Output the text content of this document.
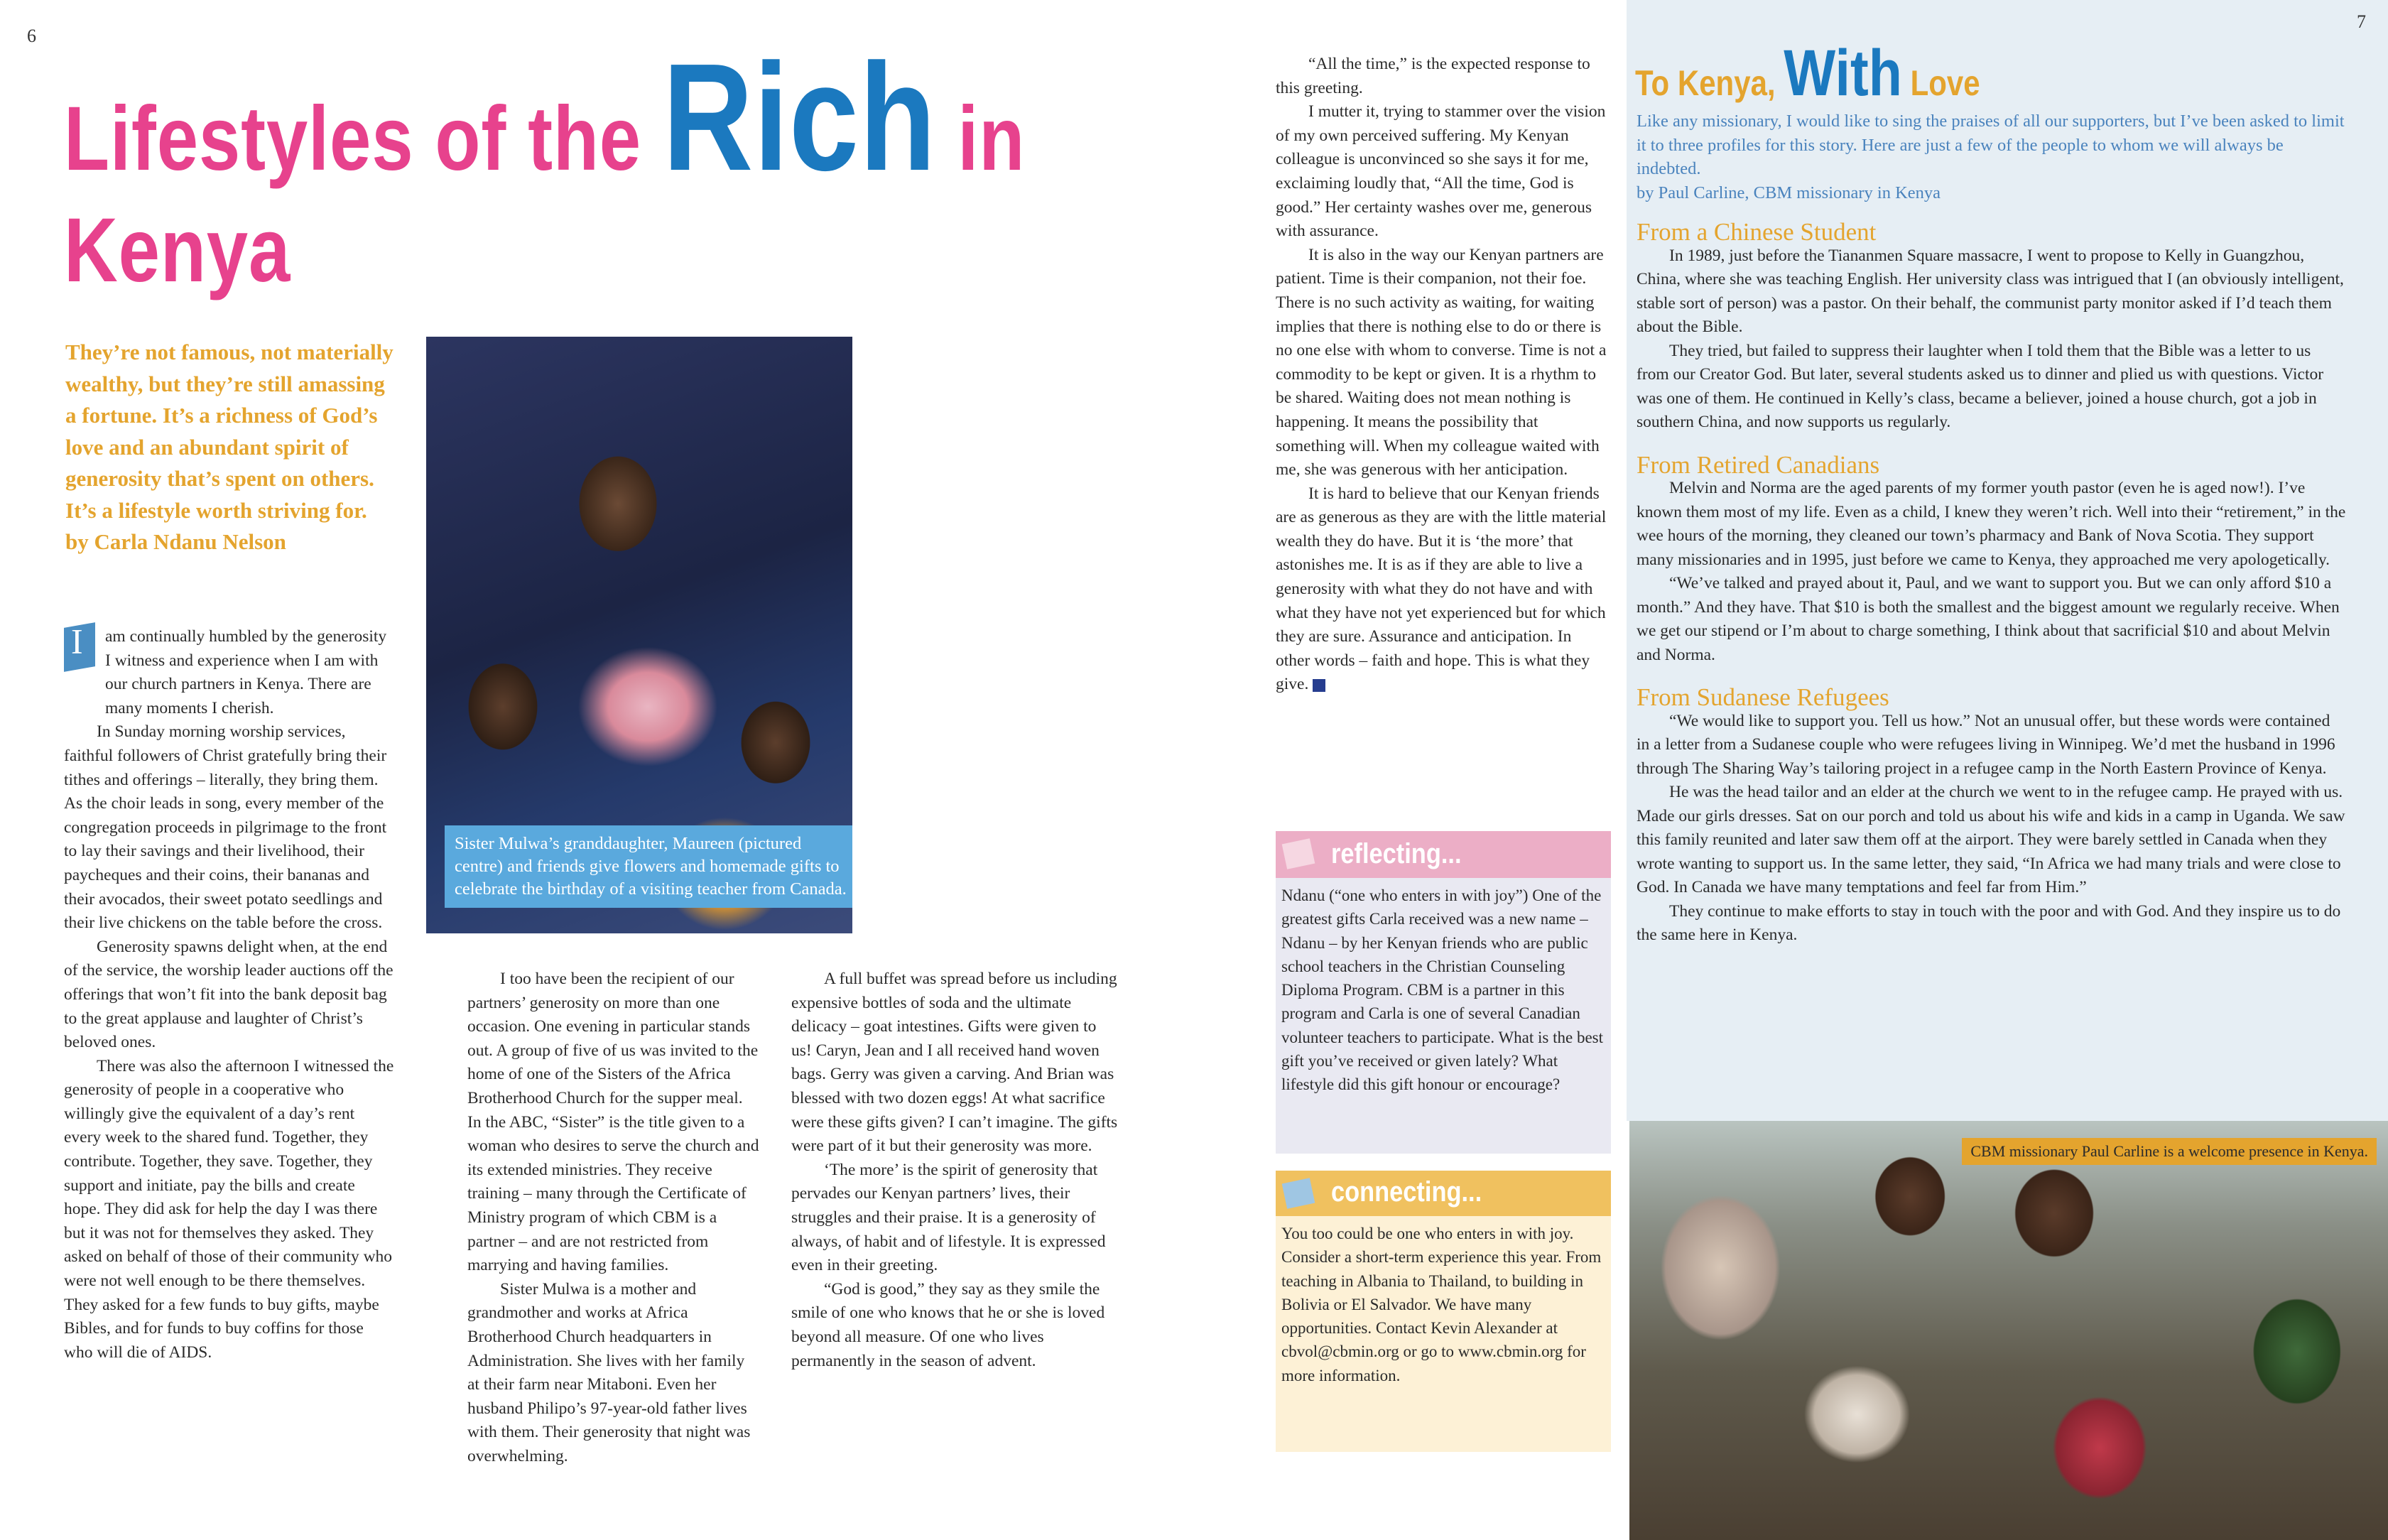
6
Lifestyles of the Rich in
Kenya
They’re not famous, not materially wealthy, but they’re still amassing a fortune. It’s a richness of God’s love and an abundant spirit of generosity that’s spent on others. It’s a lifestyle worth striving for.
by Carla Ndanu Nelson
Sister Mulwa’s granddaughter, Maureen (pictured centre) and friends give flowers and homemade gifts to celebrate the birthday of a visiting teacher from Canada.
I	am continually humbled by the generosity I witness and experience when I am with our church partners in Kenya. There are many moments I cherish.

In Sunday morning worship services, faithful followers of Christ gratefully bring their tithes and offerings – literally, they bring them. As the choir leads in song, every member of the congregation proceeds in pilgrimage to the front to lay their savings and their livelihood, their paycheques and their coins, their bananas and their avocados, their sweet potato seedlings and their live chickens on the table before the cross.

Generosity spawns delight when, at the end of the service, the worship leader auctions off the offerings that won’t fit into the bank deposit bag to the great applause and laughter of Christ’s beloved ones.

There was also the afternoon I witnessed the generosity of people in a cooperative who willingly give the equivalent of a day’s rent every week to the shared fund. Together, they contribute. Together, they save. Together, they support and initiate, pay the bills and create hope. They did ask for help the day I was there but it was not for themselves they asked. They asked on behalf of those of their community who were not well enough to be there themselves. They asked for a few funds to buy gifts, maybe Bibles, and for funds to buy coffins for those who will die of AIDS.

I too have been the recipient of our partners’ generosity on more than one occasion. One evening in particular stands out. A group of five of us was invited to the home of one of the Sisters of the Africa Brotherhood Church for the supper meal. In the ABC, “Sister” is the title given to a woman who desires to serve the church and its extended ministries. They receive training – many through the Certificate of Ministry program of which CBM is a partner – and are not restricted from marrying and having families.

Sister Mulwa is a mother and grandmother and works at Africa Brotherhood Church headquarters in Administration. She lives with her family at their farm near Mitaboni. Even her husband Philipo’s 97-year-old father lives with them. Their generosity that night was overwhelming.

A full buffet was spread before us including expensive bottles of soda and the ultimate delicacy – goat intestines. Gifts were given to us! Caryn, Jean and I all received hand woven bags. Gerry was given a carving. And Brian was blessed with two dozen eggs! At what sacrifice were these gifts given? I can’t imagine. The gifts were part of it but their generosity was more.

‘The more’ is the spirit of generosity that pervades our Kenyan partners’ lives, their struggles and their praise. It is a generosity of always, of habit and of lifestyle. It is expressed even in their greeting.

“God is good,” they say as they smile the smile of one who knows that he or she is loved beyond all measure. Of one who lives permanently in the season of advent.

“All the time,” is the expected response to this greeting.

I mutter it, trying to stammer over the vision of my own perceived suffering. My Kenyan colleague is unconvinced so she says it for me, exclaiming loudly that, “All the time, God is good.” Her certainty washes over me, generous with assurance.

It is also in the way our Kenyan partners are patient. Time is their companion, not their foe. There is no such activity as waiting, for waiting implies that there is nothing else to do or there is no one else with whom to converse. Time is not a commodity to be kept or given. It is a rhythm to be shared. Waiting does not mean nothing is happening. It means the possibility that something will. When my colleague waited with me, she was generous with her anticipation.

It is hard to believe that our Kenyan friends are as generous as they are with the little material wealth they do have. But it is ‘the more’ that astonishes me. It is as if they are able to live a generosity with what they do not have and with what they have not yet experienced but for which they are sure. Assurance and anticipation. In other words – faith and hope. This is what they give.

reflecting...
Ndanu (“one who enters in with joy”) One of the greatest gifts Carla received was a new name – Ndanu – by her Kenyan friends who are public school teachers in the Christian Counseling Diploma Program. CBM is a partner in this program and Carla is one of several Canadian volunteer teachers to participate. What is the best gift you’ve received or given lately? What lifestyle did this gift honour or encourage?
connecting...
You too could be one who enters in with joy. Consider a short-term experience this year. From teaching in Albania to Thailand, to building in Bolivia or El Salvador. We have many opportunities. Contact Kevin Alexander at cbvol@cbmin.org or go to www.cbmin.org for more information.
7
To Kenya, With Love
Like any missionary, I would like to sing the praises of all our supporters, but I’ve been asked to limit it to three profiles for this story. Here are just a few of the people to whom we will always be indebted.
by Paul Carline, CBM missionary in Kenya
From a Chinese Student

In 1989, just before the Tiananmen Square massacre, I went to propose to Kelly in Guangzhou, China, where she was teaching English. Her university class was intrigued that I (an obviously intelligent, stable sort of person) was a pastor. On their behalf, the communist party monitor asked if I’d teach them about the Bible.

They tried, but failed to suppress their laughter when I told them that the Bible was a letter to us from our Creator God. But later, several students asked us to dinner and plied us with questions. Victor was one of them. He continued in Kelly’s class, became a believer, joined a house church, got a job in southern China, and now supports us regularly.

From Retired Canadians

Melvin and Norma are the aged parents of my former youth pastor (even he is aged now!). I’ve known them most of my life. Even as a child, I knew they weren’t rich. Well into their “retirement,” in the wee hours of the morning, they cleaned our town’s pharmacy and Bank of Nova Scotia. They support many missionaries and in 1995, just before we came to Kenya, they approached me very apologetically.

“We’ve talked and prayed about it, Paul, and we want to support you. But we can only afford $10 a month.” And they have. That $10 is both the smallest and the biggest amount we regularly receive. When we get our stipend or I’m about to charge something, I think about that sacrificial $10 and about Melvin and Norma.

From Sudanese Refugees

“We would like to support you. Tell us how.” Not an unusual offer, but these words were contained in a letter from a Sudanese couple who were refugees living in Winnipeg. We’d met the husband in 1996 through The Sharing Way’s tailoring project in a refugee camp in the North Eastern Province of Kenya.

He was the head tailor and an elder at the church we went to in the refugee camp. He prayed with us. Made our girls dresses. Sat on our porch and told us about his wife and kids in a camp in Uganda. We saw this family reunited and later saw them off at the airport. They were barely settled in Canada when they wrote wanting to support us. In the same letter, they said, “In Africa we had many trials and were close to God. In Canada we have many temptations and feel far from Him.”

They continue to make efforts to stay in touch with the poor and with God. And they inspire us to do the same here in Kenya.

CBM missionary Paul Carline is a welcome presence in Kenya.
